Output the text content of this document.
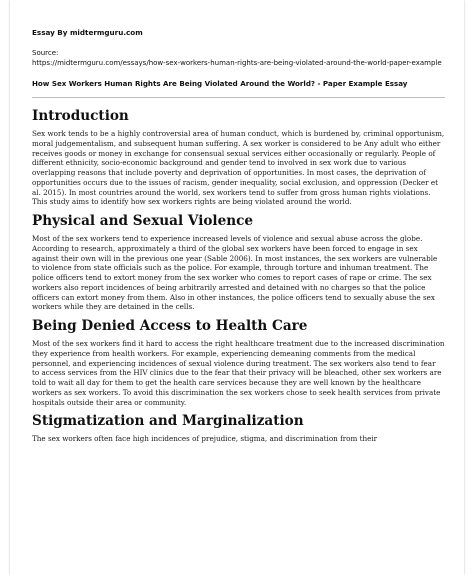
Essay By midtermguru.com
Source:
https://midtermguru.com/essays/how-sex-workers-human-rights-are-being-violated-around-the-world-paper-example
How Sex Workers Human Rights Are Being Violated Around the World? - Paper Example Essay
Introduction

Sex work tends to be a highly controversial area of human conduct, which is burdened by, criminal opportunism, moral judgementalism, and subsequent human suffering. A sex worker is considered to be Any adult who either receives goods or money in exchange for consensual sexual services either occasionally or regularly. People of different ethnicity, socio-economic background and gender tend to involved in sex work due to various overlapping reasons that include poverty and deprivation of opportunities. In most cases, the deprivation of opportunities occurs due to the issues of racism, gender inequality, social exclusion, and oppression (Decker et al. 2015). In most countries around the world, sex workers tend to suffer from gross human rights violations. This study aims to identify how sex workers rights are being violated around the world.

Physical and Sexual Violence

Most of the sex workers tend to experience increased levels of violence and sexual abuse across the globe. According to research, approximately a third of the global sex workers have been forced to engage in sex against their own will in the previous one year (Sable 2006). In most instances, the sex workers are vulnerable to violence from state officials such as the police. For example, through torture and inhuman treatment. The police officers tend to extort money from the sex worker who comes to report cases of rape or crime. The sex workers also report incidences of being arbitrarily arrested and detained with no charges so that the police officers can extort money from them. Also in other instances, the police officers tend to sexually abuse the sex workers while they are detained in the cells.

Being Denied Access to Health Care

Most of the sex workers find it hard to access the right healthcare treatment due to the increased discrimination they experience from health workers. For example, experiencing demeaning comments from the medical personnel, and experiencing incidences of sexual violence during treatment. The sex workers also tend to fear to access services from the HIV clinics due to the fear that their privacy will be bleached, other sex workers are told to wait all day for them to get the health care services because they are well known by the healthcare workers as sex workers. To avoid this discrimination the sex workers chose to seek health services from private hospitals outside their area or community.

Stigmatization and Marginalization

The sex workers often face high incidences of prejudice, stigma, and discrimination from their
